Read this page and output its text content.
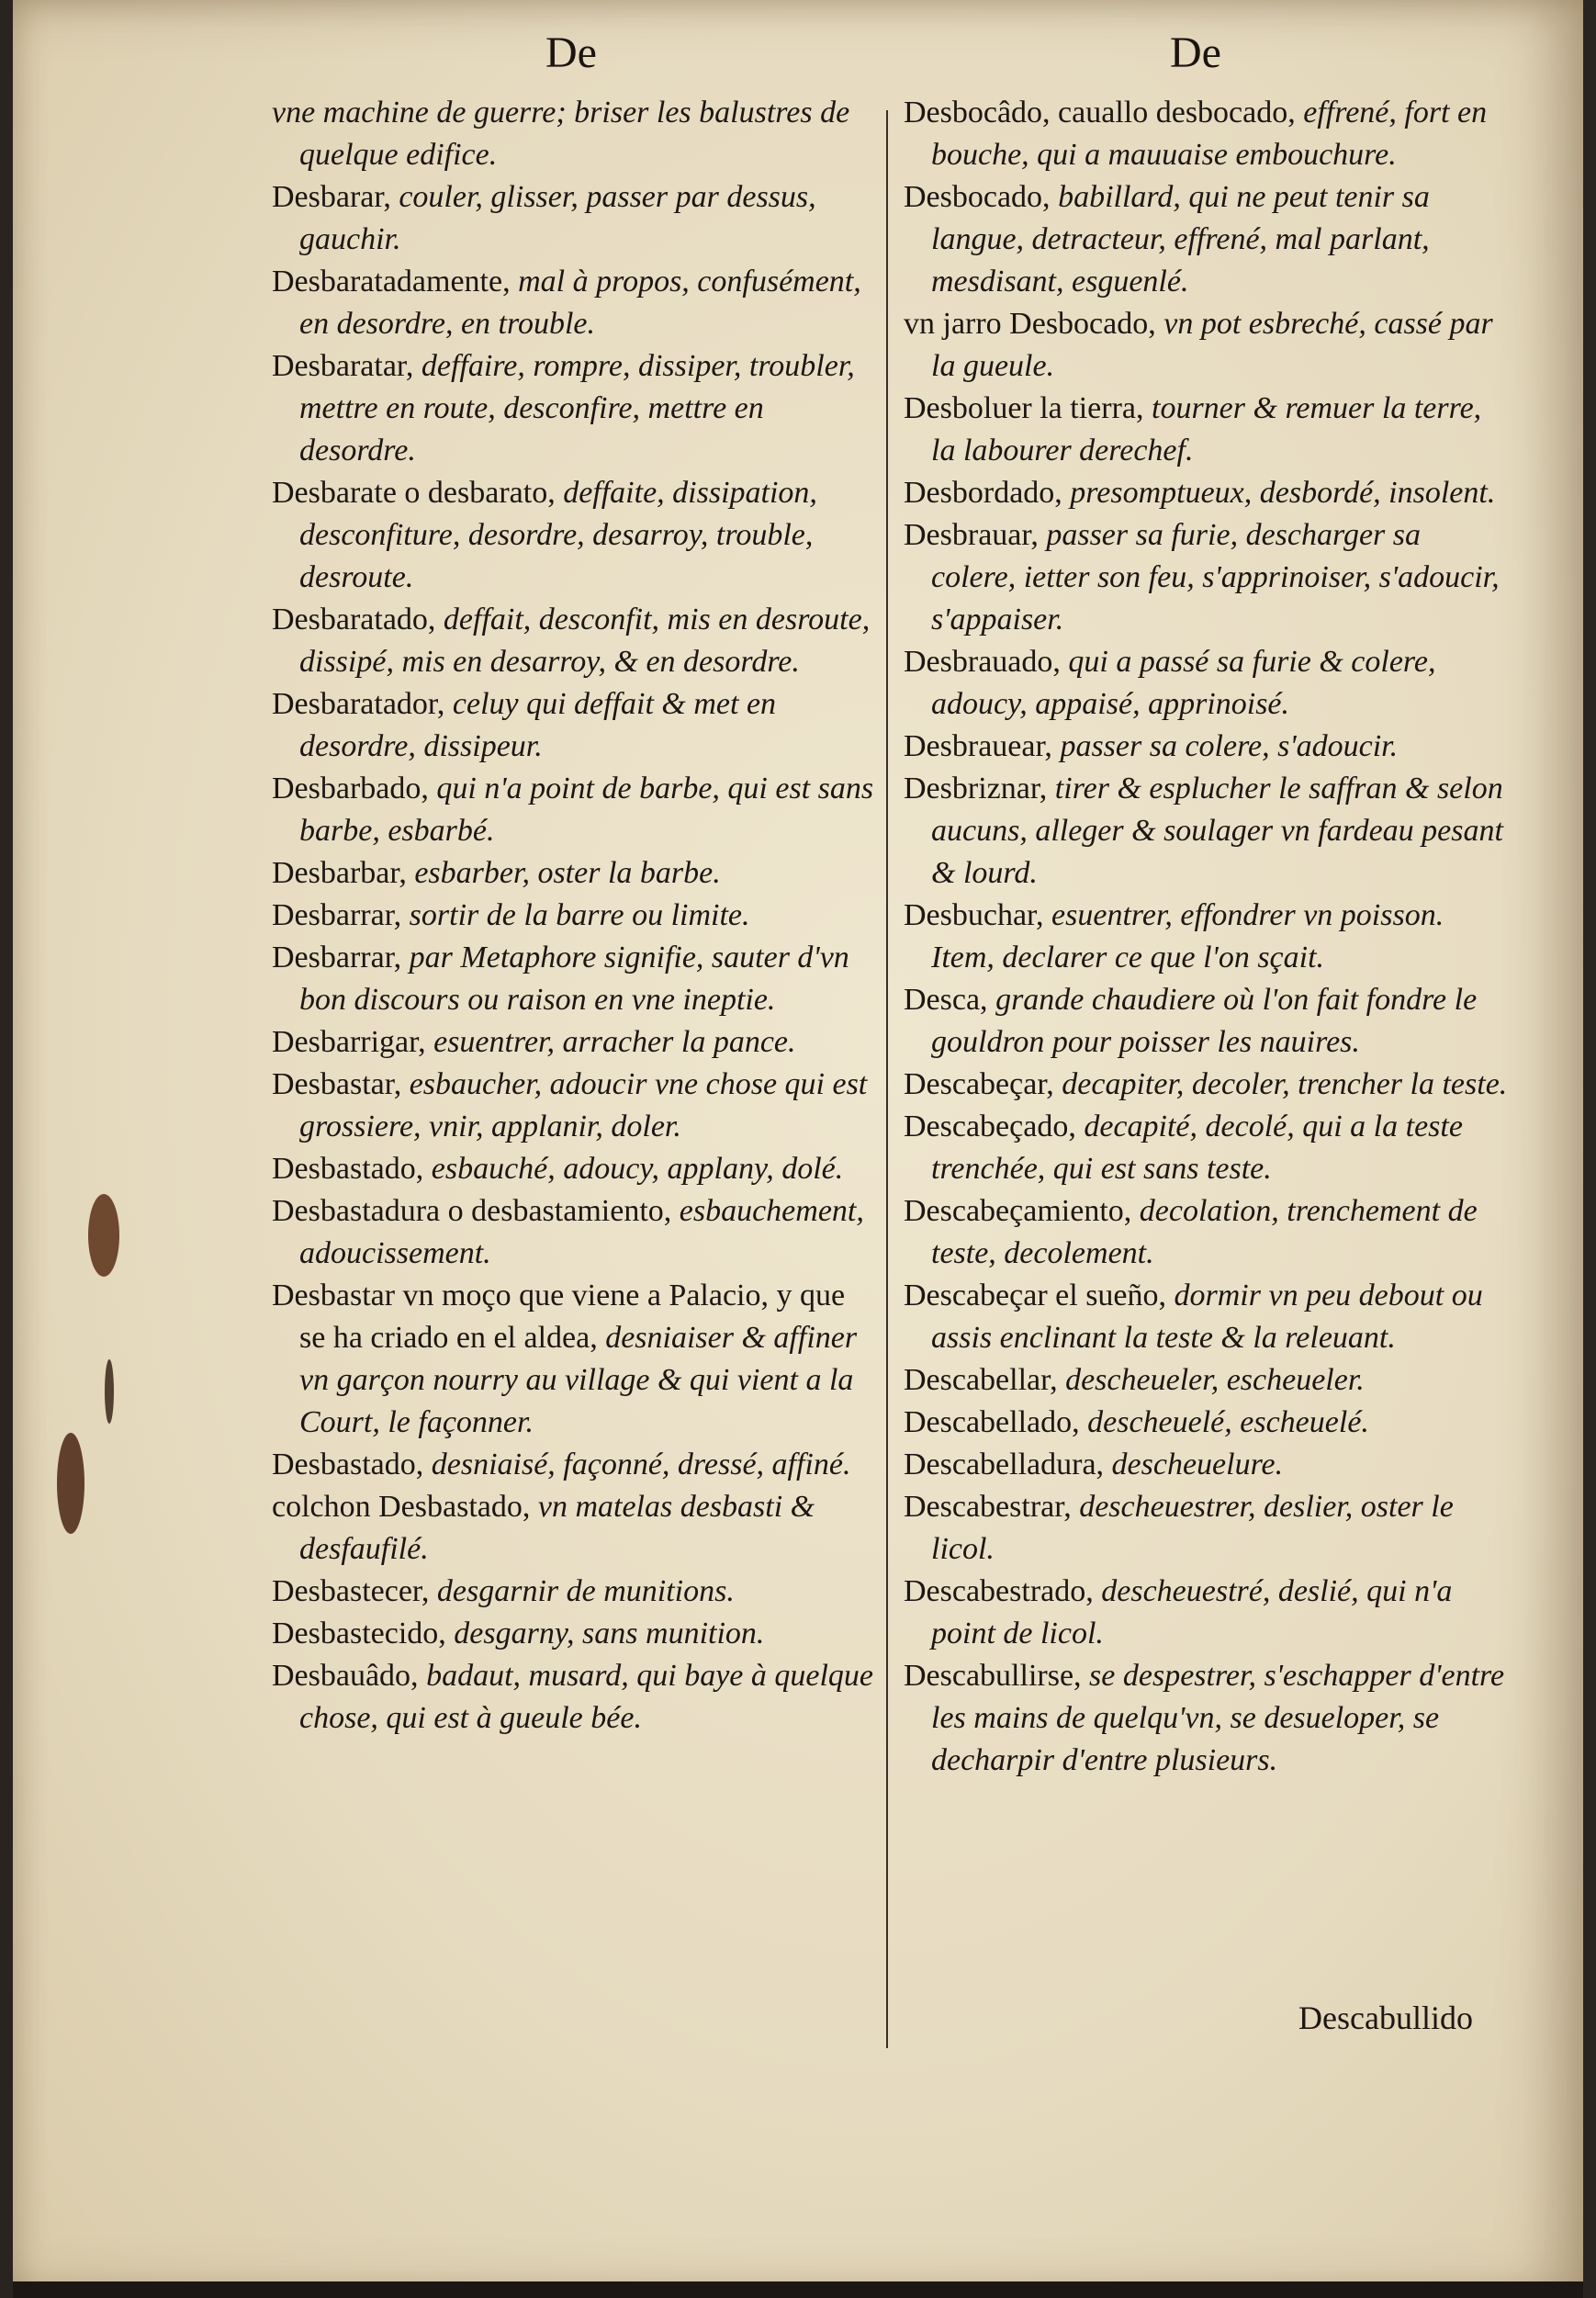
De	De

vne machine de guerre; briser les balustres de quelque edifice.

Desbarar, couler, glisser, passer par dessus, gauchir.

Desbaratadamente, mal à propos, confusément, en desordre, en trouble.

Desbaratar, deffaire, rompre, dissiper, troubler, mettre en route, desconfire, mettre en desordre.

Desbarate o desbarato, deffaite, dissipation, desconfiture, desordre, desarroy, trouble, desroute.

Desbaratado, deffait, desconfit, mis en desroute, dissipé, mis en desarroy, & en desordre.

Desbaratador, celuy qui deffait & met en desordre, dissipeur.

Desbarbado, qui n'a point de barbe, qui est sans barbe, esbarbé.

Desbarbar, esbarber, oster la barbe.

Desbarrar, sortir de la barre ou limite.

Desbarrar, par Metaphore signifie, sauter d'vn bon discours ou raison en vne ineptie.

Desbarrigar, esuentrer, arracher la pance.

Desbastar, esbaucher, adoucir vne chose qui est grossiere, vnir, applanir, doler.

Desbastado, esbauché, adoucy, applany, dolé.

Desbastadura o desbastamiento, esbauchement, adoucissement.

Desbastar vn moço que viene a Palacio, y que se ha criado en el aldea, desniaiser & affiner vn garçon nourry au village & qui vient a la Court, le façonner.

Desbastado, desniaisé, façonné, dressé, affiné.

colchon Desbastado, vn matelas desbasti & desfaufilé.

Desbastecer, desgarnir de munitions.

Desbastecido, desgarny, sans munition.

Desbauâdo, badaut, musard, qui baye à quelque chose, qui est à gueule bée.

Desbocâdo, cauallo desbocado, effrené, fort en bouche, qui a mauuaise embouchure.

Desbocado, babillard, qui ne peut tenir sa langue, detracteur, effrené, mal parlant, mesdisant, esguenlé.

vn jarro Desbocado, vn pot esbreché, cassé par la gueule.

Desboluer la tierra, tourner & remuer la terre, la labourer derechef.

Desbordado, presomptueux, desbordé, insolent.

Desbrauar, passer sa furie, descharger sa colere, ietter son feu, s'apprinoiser, s'adoucir, s'appaiser.

Desbrauado, qui a passé sa furie & colere, adoucy, appaisé, apprinoisé.

Desbrauear, passer sa colere, s'adoucir.

Desbriznar, tirer & esplucher le saffran & selon aucuns, alleger & soulager vn fardeau pesant & lourd.

Desbuchar, esuentrer, effondrer vn poisson. Item, declarer ce que l'on sçait.

Desca, grande chaudiere où l'on fait fondre le gouldron pour poisser les nauires.

Descabeçar, decapiter, decoler, trencher la teste.

Descabeçado, decapité, decolé, qui a la teste trenchée, qui est sans teste.

Descabeçamiento, decolation, trenchement de teste, decolement.

Descabeçar el sueño, dormir vn peu debout ou assis enclinant la teste & la releuant.

Descabellar, descheueler, escheueler.

Descabellado, descheuelé, escheuelé.

Descabelladura, descheuelure.

Descabestrar, descheuestrer, deslier, oster le licol.

Descabestrado, descheuestré, deslié, qui n'a point de licol.

Descabullirse, se despestrer, s'eschapper d'entre les mains de quelqu'vn, se desueloper, se decharpir d'entre plusieurs.

Descabullido
